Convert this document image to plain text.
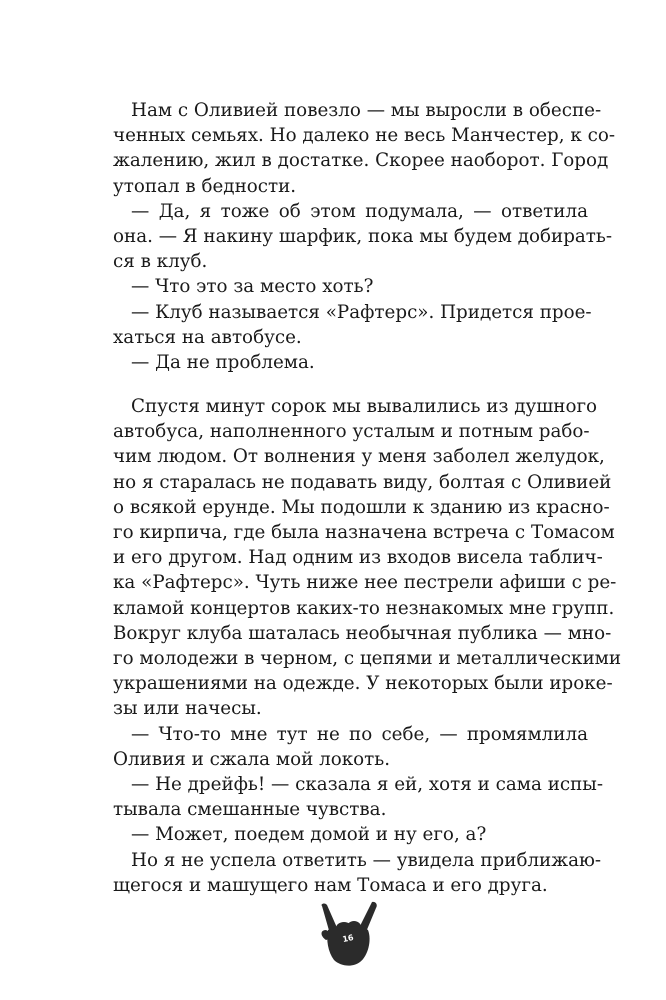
Нам с Оливией повезло — мы выросли в обеспе-
ченных семьях. Но далеко не весь Манчестер, к со-
жалению, жил в достатке. Скорее наоборот. Город
утопал в бедности.
— Да, я тоже об этом подумала, — ответила
она. — Я накину шарфик, пока мы будем добирать-
ся в клуб.
— Что это за место хоть?
— Клуб называется «Рафтерс». Придется прое-
хаться на автобусе.
— Да не проблема.
Спустя минут сорок мы вывалились из душного
автобуса, наполненного усталым и потным рабо-
чим людом. От волнения у меня заболел желудок,
но я старалась не подавать виду, болтая с Оливией
о всякой ерунде. Мы подошли к зданию из красно-
го кирпича, где была назначена встреча с Томасом
и его другом. Над одним из входов висела таблич-
ка «Рафтерс». Чуть ниже нее пестрели афиши с ре-
кламой концертов каких-то незнакомых мне групп.
Вокруг клуба шаталась необычная публика — мно-
го молодежи в черном, с цепями и металлическими
украшениями на одежде. У некоторых были ироке-
зы или начесы.
— Что-то мне тут не по себе, — промямлила
Оливия и сжала мой локоть.
— Не дрейфь! — сказала я ей, хотя и сама испы-
тывала смешанные чувства.
— Может, поедем домой и ну его, а?
Но я не успела ответить — увидела приближаю-
щегося и машущего нам Томаса и его друга.
16
